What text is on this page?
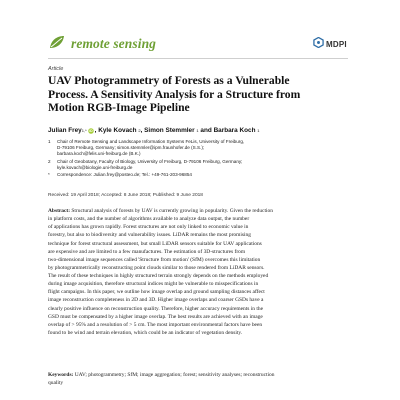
remote sensing	MDPI
Article
UAV Photogrammetry of Forests as a Vulnerable
Process. A Sensitivity Analysis for a Structure from
Motion RGB-Image Pipeline
Julian Frey 1,* iD ,
Kyle Kovach
2 ,
Simon Stemmler
1
and
Barbara Koch
1
1	Chair of Remote Sensing and Landscape Information Systems FeLis, University of Freiburg,
D-79106 Freiburg, Germany; simon.stemmler@ipm.fraunhofer.de (S.S.);
barbara.koch@felis.uni-freiburg.de (B.K.)
2	Chair of Geobotany, Faculty of Biology, University of Freiburg, D-79106 Freiburg, Germany;
kyle.kovach@biologie.uni-freiburg.de
*	Correspondence: Julian.frey@posteo.de; Tel.: +49-761-203-96854
Received: 19 April 2018; Accepted: 8 June 2018; Published: 9 June 2018
Abstract: Structural analysis of forests by UAV is currently growing in popularity. Given the reduction
in platform costs, and the number of algorithms available to analyze data output, the number
of applications has grown rapidly. Forest structures are not only linked to economic value in
forestry, but also to biodiversity and vulnerability issues. LiDAR remains the most promising
technique for forest structural assessment, but small LiDAR sensors suitable for UAV applications
are expensive and are limited to a few manufactures. The estimation of 3D-structures from
two-dimensional image sequences called 'Structure from motion' (SfM) overcomes this limitation
by photogrammetrically reconstructing point clouds similar to those rendered from LiDAR sensors.
The result of these techniques in highly structured terrain strongly depends on the methods employed
during image acquisition, therefore structural indices might be vulnerable to misspecifications in
flight campaigns. In this paper, we outline how image overlap and ground sampling distances affect
image reconstruction completeness in 2D and 3D. Higher image overlaps and coarser GSDs have a
clearly positive influence on reconstruction quality. Therefore, higher accuracy requirements in the
GSD must be compensated by a higher image overlap. The best results are achieved with an image
overlap of > 95% and a resolution of > 5 cm. The most important environmental factors have been
found to be wind and terrain elevation, which could be an indicator of vegetation density.
Keywords: UAV; photogrammetry; SfM; image aggregation; forest; sensitivity analyses; reconstruction
quality
